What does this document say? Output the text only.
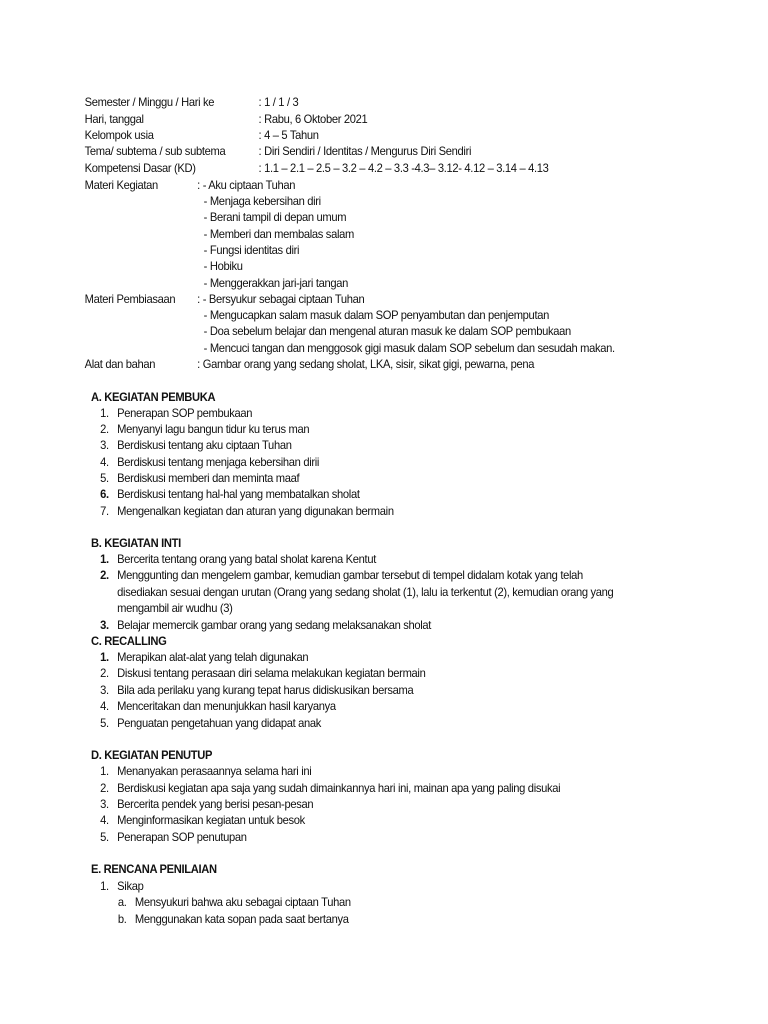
Semester / Minggu / Hari ke	: 1 / 1 / 3
Hari, tanggal	: Rabu, 6 Oktober 2021
Kelompok usia	: 4 – 5 Tahun
Tema/ subtema / sub subtema	: Diri Sendiri / Identitas / Mengurus Diri Sendiri
Kompetensi Dasar (KD)	: 1.1 – 2.1 – 2.5 – 3.2 – 4.2 – 3.3 -4.3– 3.12- 4.12 – 3.14 – 4.13
Materi Kegiatan	: - Aku ciptaan Tuhan
- Menjaga kebersihan diri
- Berani tampil di depan umum
- Memberi dan membalas salam
- Fungsi identitas diri
- Hobiku
- Menggerakkan jari-jari tangan
Materi Pembiasaan : - Bersyukur sebagai ciptaan Tuhan
- Mengucapkan salam masuk dalam SOP penyambutan dan penjemputan
- Doa sebelum belajar dan mengenal aturan masuk ke dalam SOP pembukaan
- Mencuci tangan dan menggosok gigi masuk dalam SOP sebelum dan sesudah makan.
Alat dan bahan	: Gambar orang yang sedang sholat, LKA, sisir, sikat gigi, pewarna, pena
A. KEGIATAN PEMBUKA
1. Penerapan SOP pembukaan
2. Menyanyi lagu bangun tidur ku terus man
3. Berdiskusi tentang aku ciptaan Tuhan
4. Berdiskusi tentang menjaga kebersihan dirii
5. Berdiskusi memberi dan meminta maaf
6. Berdiskusi tentang hal-hal yang membatalkan sholat
7. Mengenalkan kegiatan dan aturan yang digunakan bermain
B. KEGIATAN INTI
1. Bercerita tentang orang yang batal sholat karena Kentut
2. Menggunting dan mengelem gambar, kemudian gambar tersebut di tempel didalam kotak yang telah
disediakan sesuai dengan urutan (Orang yang sedang sholat (1), lalu ia terkentut (2), kemudian orang yang
mengambil air wudhu (3)
3. Belajar memercik gambar orang yang sedang melaksanakan sholat
C. RECALLING
1. Merapikan alat-alat yang telah digunakan
2. Diskusi tentang perasaan diri selama melakukan kegiatan bermain
3. Bila ada perilaku yang kurang tepat harus didiskusikan bersama
4. Menceritakan dan menunjukkan hasil karyanya
5. Penguatan pengetahuan yang didapat anak
D. KEGIATAN PENUTUP
1. Menanyakan perasaannya selama hari ini
2. Berdiskusi kegiatan apa saja yang sudah dimainkannya hari ini, mainan apa yang paling disukai
3. Bercerita pendek yang berisi pesan-pesan
4. Menginformasikan kegiatan untuk besok
5. Penerapan SOP penutupan
E. RENCANA PENILAIAN
1. Sikap
a. Mensyukuri bahwa aku sebagai ciptaan Tuhan
b. Menggunakan kata sopan pada saat bertanya
